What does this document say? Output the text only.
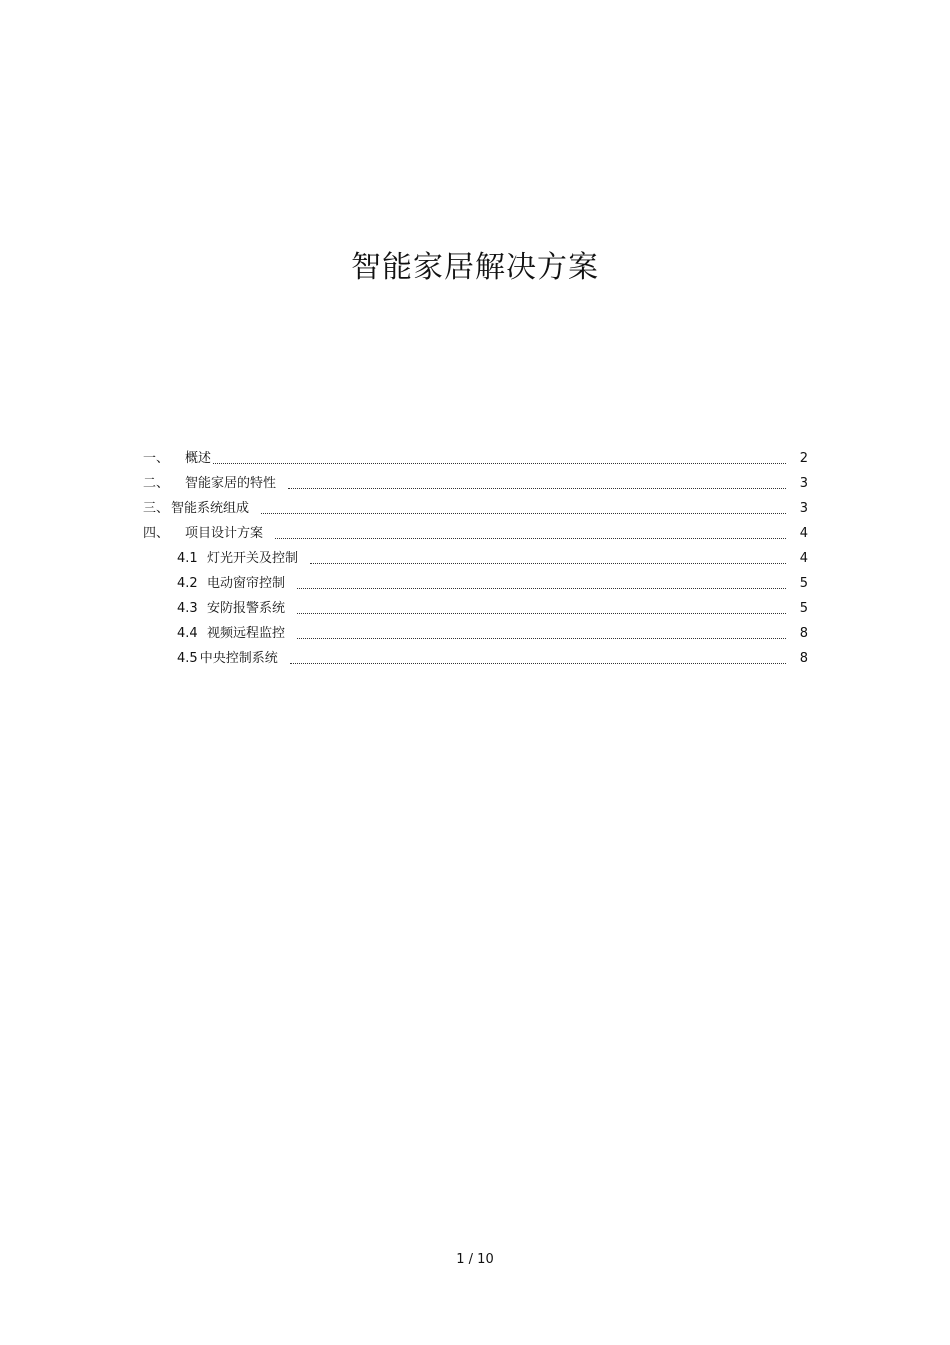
智能家居解决方案
一、	概述	2
二、	智能家居的特性	3
三、 智能系统组成	3
四、	项目设计方案	4
4.1 灯光开关及控制	4
4.2 电动窗帘控制	5
4.3 安防报警系统	5
4.4 视频远程监控	8
4.5 中央控制系统	8
1 / 10
